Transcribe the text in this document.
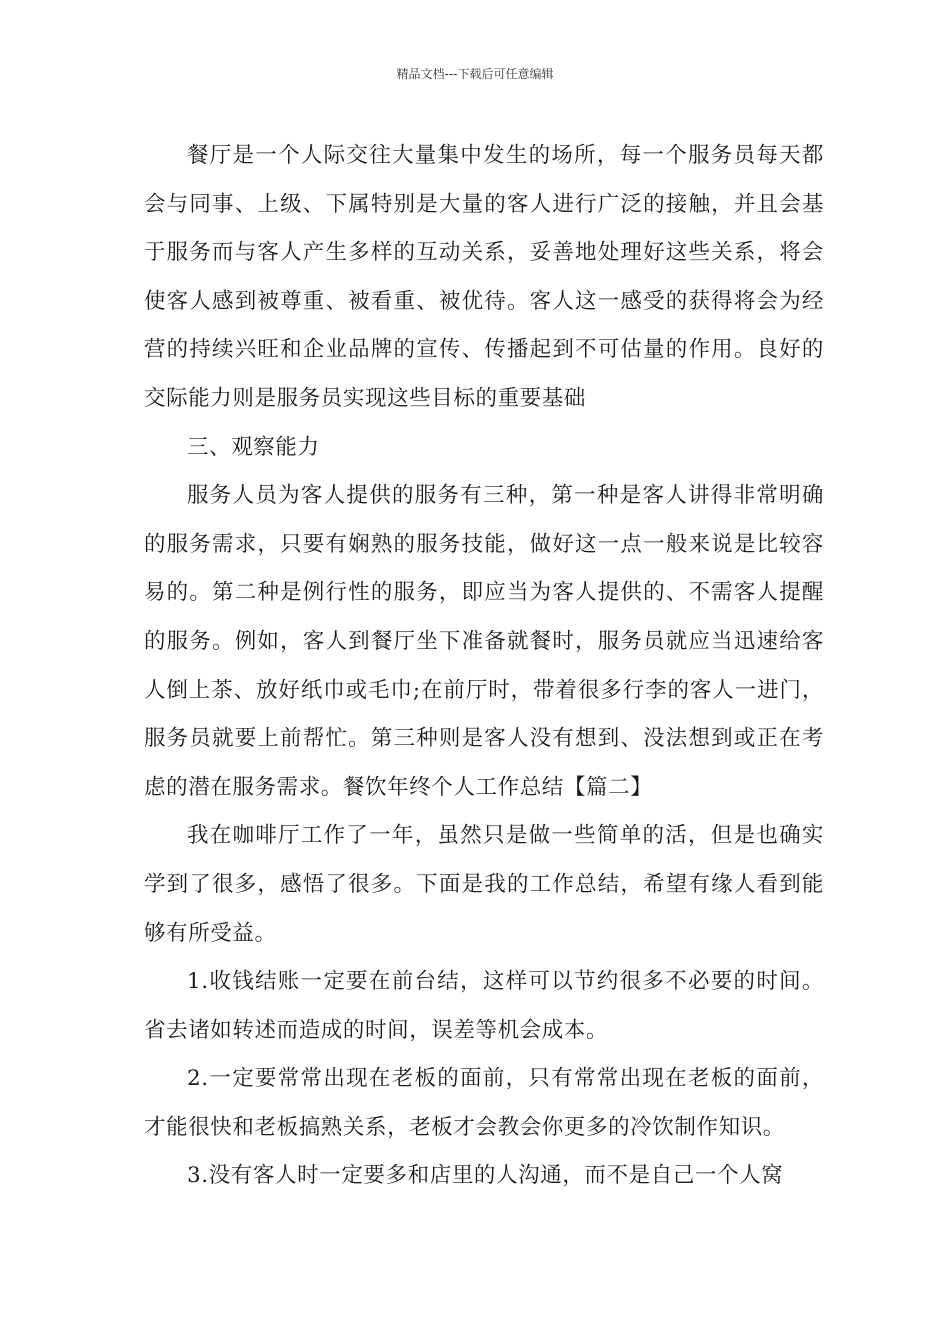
精品文档---下载后可任意编辑

餐厅是一个人际交往大量集中发生的场所，每一个服务员每天都会与同事、上级、下属特别是大量的客人进行广泛的接触，并且会基于服务而与客人产生多样的互动关系，妥善地处理好这些关系，将会使客人感到被尊重、被看重、被优待。客人这一感受的获得将会为经营的持续兴旺和企业品牌的宣传、传播起到不可估量的作用。良好的交际能力则是服务员实现这些目标的重要基础

三、观察能力

服务人员为客人提供的服务有三种，第一种是客人讲得非常明确的服务需求，只要有娴熟的服务技能，做好这一点一般来说是比较容易的。第二种是例行性的服务，即应当为客人提供的、不需客人提醒的服务。例如，客人到餐厅坐下准备就餐时，服务员就应当迅速给客人倒上茶、放好纸巾或毛巾;在前厅时，带着很多行李的客人一进门，服务员就要上前帮忙。第三种则是客人没有想到、没法想到或正在考虑的潜在服务需求。餐饮年终个人工作总结【篇二】

我在咖啡厅工作了一年，虽然只是做一些简单的活，但是也确实学到了很多，感悟了很多。下面是我的工作总结，希望有缘人看到能够有所受益。

1.收钱结账一定要在前台结，这样可以节约很多不必要的时间。省去诸如转述而造成的时间，误差等机会成本。

2.一定要常常出现在老板的面前，只有常常出现在老板的面前，才能很快和老板搞熟关系，老板才会教会你更多的冷饮制作知识。

3.没有客人时一定要多和店里的人沟通，而不是自己一个人窝
